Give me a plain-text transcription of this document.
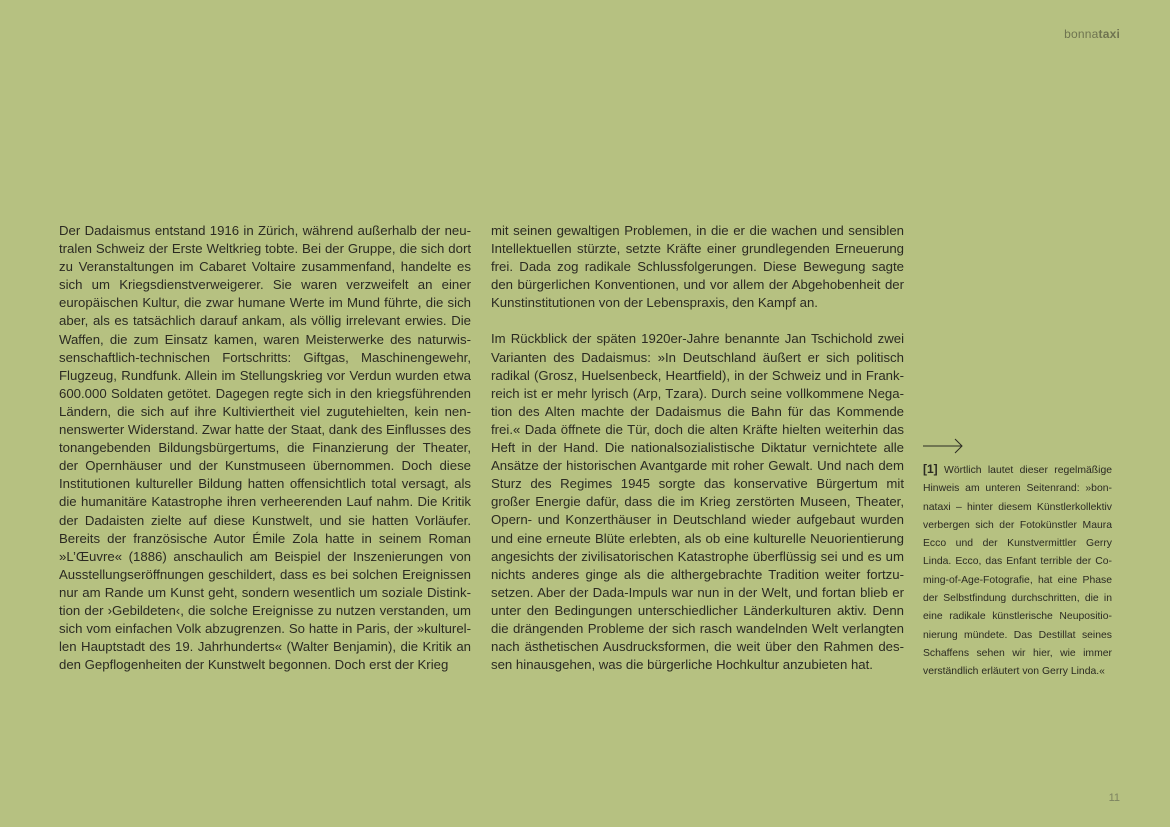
bonnataxi

Der Dadaismus entstand 1916 in Zürich, während außerhalb der neutralen Schweiz der Erste Weltkrieg tobte. Bei der Gruppe, die sich dort zu Veranstaltungen im Cabaret Voltaire zusammenfand, handelte es sich um Kriegsdienstverweigerer. Sie waren verzweifelt an einer europäischen Kultur, die zwar humane Werte im Mund führte, die sich aber, als es tatsächlich darauf ankam, als völlig irrelevant erwies. Die Waffen, die zum Einsatz kamen, waren Meisterwerke des naturwissenschaftlich-technischen Fortschritts: Giftgas, Maschinengewehr, Flugzeug, Rundfunk. Allein im Stellungskrieg vor Verdun wurden etwa 600.000 Soldaten getötet. Dagegen regte sich in den kriegsführenden Ländern, die sich auf ihre Kultiviertheit viel zugutehielten, kein nennenswerter Widerstand. Zwar hatte der Staat, dank des Einflusses des tonangebenden Bildungsbürgertums, die Finanzierung der Theater, der Opernhäuser und der Kunstmuseen übernommen. Doch diese Institutionen kultureller Bildung hatten offensichtlich total versagt, als die humanitäre Katastrophe ihren verheerenden Lauf nahm. Die Kritik der Dadaisten zielte auf diese Kunstwelt, und sie hatten Vorläufer. Bereits der französische Autor Émile Zola hatte in seinem Roman »L’Œuvre« (1886) anschaulich am Beispiel der Inszenierungen von Ausstellungseröffnungen geschildert, dass es bei solchen Ereignissen nur am Rande um Kunst geht, sondern wesentlich um soziale Distinktion der ›Gebildeten‹, die solche Ereignisse zu nutzen verstanden, um sich vom einfachen Volk abzugrenzen. So hatte in Paris, der »kulturellen Hauptstadt des 19. Jahrhunderts« (Walter Benjamin), die Kritik an den Gepflogenheiten der Kunstwelt begonnen. Doch erst der Krieg

mit seinen gewaltigen Problemen, in die er die wachen und sensiblen Intellektuellen stürzte, setzte Kräfte einer grundlegenden Erneuerung frei. Dada zog radikale Schlussfolgerungen. Diese Bewegung sagte den bürgerlichen Konventionen, und vor allem der Abgehobenheit der Kunstinstitutionen von der Lebenspraxis, den Kampf an.

Im Rückblick der späten 1920er-Jahre benannte Jan Tschichold zwei Varianten des Dadaismus: »In Deutschland äußert er sich politisch radikal (Grosz, Huelsenbeck, Heartfield), in der Schweiz und in Frankreich ist er mehr lyrisch (Arp, Tzara). Durch seine vollkommene Negation des Alten machte der Dadaismus die Bahn für das Kommende frei.« Dada öffnete die Tür, doch die alten Kräfte hielten weiterhin das Heft in der Hand. Die nationalsozialistische Diktatur vernichtete alle Ansätze der historischen Avantgarde mit roher Gewalt. Und nach dem Sturz des Regimes 1945 sorgte das konservative Bürgertum mit großer Energie dafür, dass die im Krieg zerstörten Museen, Theater, Opern- und Konzerthäuser in Deutschland wieder aufgebaut wurden und eine erneute Blüte erlebten, als ob eine kulturelle Neuorientierung angesichts der zivilisatorischen Katastrophe überflüssig sei und es um nichts anderes ginge als die althergebrachte Tradition weiter fortzusetzen. Aber der Dada-Impuls war nun in der Welt, und fortan blieb er unter den Bedingungen unterschiedlicher Länderkulturen aktiv. Denn die drängenden Probleme der sich rasch wandelnden Welt verlangten nach ästhetischen Ausdrucksformen, die weit über den Rahmen dessen hinausgehen, was die bürgerliche Hochkultur anzubieten hat.

[1] Wörtlich lautet dieser regelmäßige Hinweis am unteren Seitenrand: »bonnataxi – hinter diesem Künstlerkollektiv verbergen sich der Fotokünstler Maura Ecco und der Kunstvermittler Gerry Linda. Ecco, das Enfant terrible der Coming-of-Age-Fotografie, hat eine Phase der Selbstfindung durchschritten, die in eine radikale künstlerische Neupositionierung mündete. Das Destillat seines Schaffens sehen wir hier, wie immer verständlich erläutert von Gerry Linda.«
11
